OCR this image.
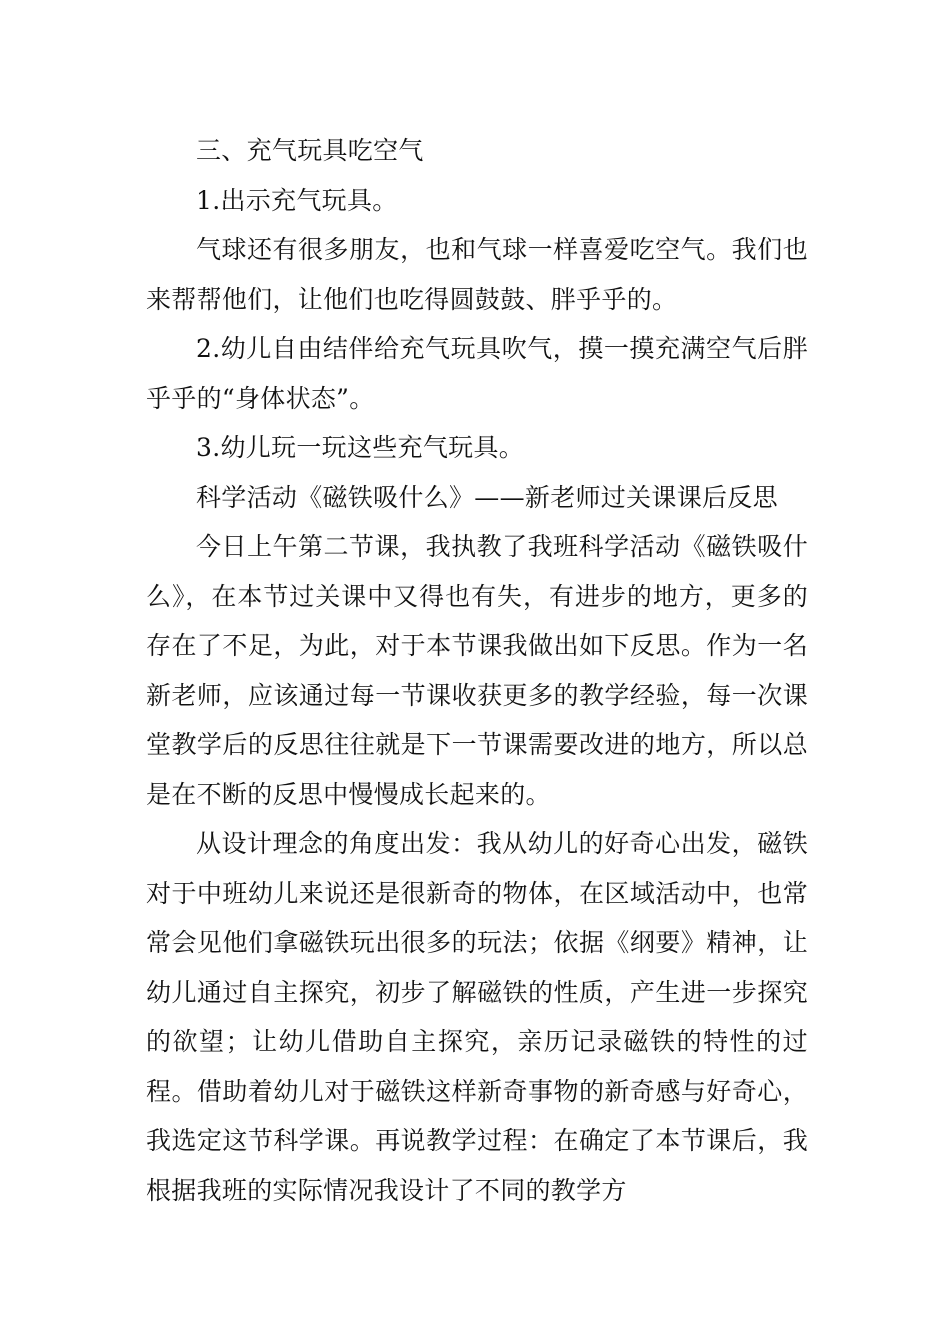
三、充气玩具吃空气

1.出示充气玩具。

气球还有很多朋友，也和气球一样喜爱吃空气。我们也来帮帮他们，让他们也吃得圆鼓鼓、胖乎乎的。

2.幼儿自由结伴给充气玩具吹气，摸一摸充满空气后胖乎乎的“身体状态”。

3.幼儿玩一玩这些充气玩具。

科学活动《磁铁吸什么》——新老师过关课课后反思

今日上午第二节课，我执教了我班科学活动《磁铁吸什么》，在本节过关课中又得也有失，有进步的地方，更多的存在了不足，为此，对于本节课我做出如下反思。作为一名新老师，应该通过每一节课收获更多的教学经验，每一次课堂教学后的反思往往就是下一节课需要改进的地方，所以总是在不断的反思中慢慢成长起来的。

从设计理念的角度出发：我从幼儿的好奇心出发，磁铁对于中班幼儿来说还是很新奇的物体，在区域活动中，也常常会见他们拿磁铁玩出很多的玩法；依据《纲要》精神，让幼儿通过自主探究，初步了解磁铁的性质，产生进一步探究的欲望；让幼儿借助自主探究，亲历记录磁铁的特性的过程。借助着幼儿对于磁铁这样新奇事物的新奇感与好奇心，我选定这节科学课。再说教学过程：在确定了本节课后，我根据我班的实际情况我设计了不同的教学方
